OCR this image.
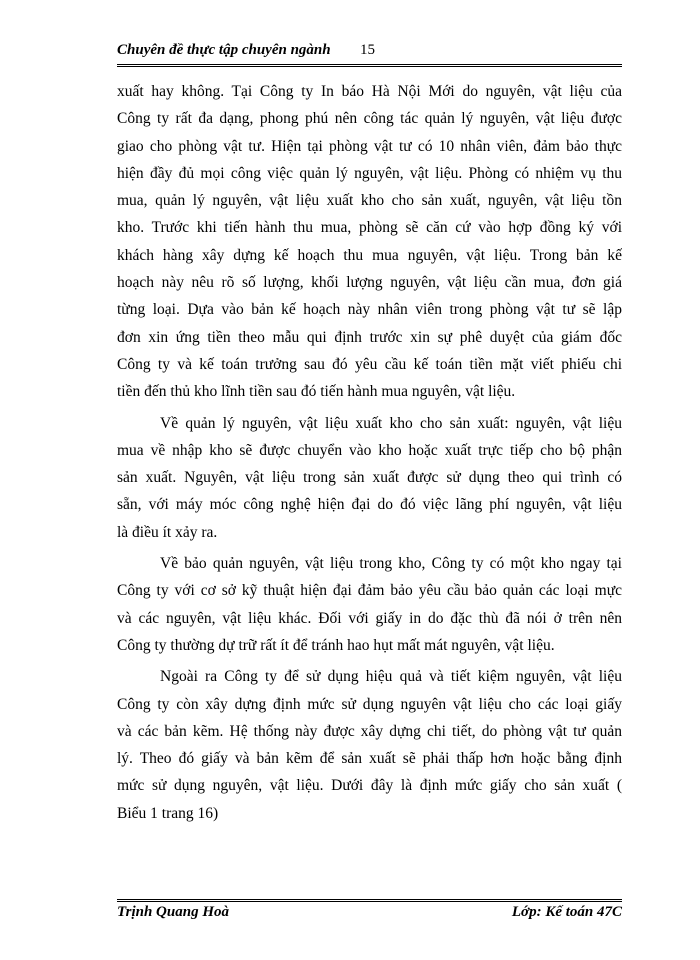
Chuyên đề thực tập chuyên ngành 15
xuất hay không. Tại Công ty In báo Hà Nội Mới do nguyên, vật liệu của
Công ty rất đa dạng, phong phú nên công tác quản lý nguyên, vật liệu được
giao cho phòng vật tư. Hiện tại phòng vật tư có 10 nhân viên, đảm bảo thực
hiện đầy đủ mọi công việc quản lý nguyên, vật liệu. Phòng có nhiệm vụ thu
mua, quản lý nguyên, vật liệu xuất kho cho sản xuất, nguyên, vật liệu tồn
kho. Trước khi tiến hành thu mua, phòng sẽ căn cứ vào hợp đồng ký với
khách hàng xây dựng kế hoạch thu mua nguyên, vật liệu. Trong bản kế
hoạch này nêu rõ số lượng, khối lượng nguyên, vật liệu cần mua, đơn giá
từng loại. Dựa vào bản kế hoạch này nhân viên trong phòng vật tư sẽ lập
đơn xin ứng tiền theo mẫu qui định trước xin sự phê duyệt của giám đốc
Công ty và kế toán trưởng sau đó yêu cầu kế toán tiền mặt viết phiếu chi
tiền đến thủ kho lĩnh tiền sau đó tiến hành mua nguyên, vật liệu.
Về quản lý nguyên, vật liệu xuất kho cho sản xuất: nguyên, vật liệu
mua về nhập kho sẽ được chuyển vào kho hoặc xuất trực tiếp cho bộ phận
sản xuất. Nguyên, vật liệu trong sản xuất được sử dụng theo qui trình có
sẵn, với máy móc công nghệ hiện đại do đó việc lãng phí nguyên, vật liệu
là điều ít xảy ra.
Về bảo quản nguyên, vật liệu trong kho, Công ty có một kho ngay tại
Công ty với cơ sở kỹ thuật hiện đại đảm bảo yêu cầu bảo quản các loại mực
và các nguyên, vật liệu khác. Đối với giấy in do đặc thù đã nói ở trên nên
Công ty thường dự trữ rất ít để tránh hao hụt mất mát nguyên, vật liệu.
Ngoài ra Công ty để sử dụng hiệu quả và tiết kiệm nguyên, vật liệu
Công ty còn xây dựng định mức sử dụng nguyên vật liệu cho các loại giấy
và các bản kẽm. Hệ thống này được xây dựng chi tiết, do phòng vật tư quản
lý. Theo đó giấy và bản kẽm để sản xuất sẽ phải thấp hơn hoặc bằng định
mức sử dụng nguyên, vật liệu. Dưới đây là định mức giấy cho sản xuất (
Biểu 1 trang 16)
Trịnh Quang Hoà	Lớp: Kế toán 47C
